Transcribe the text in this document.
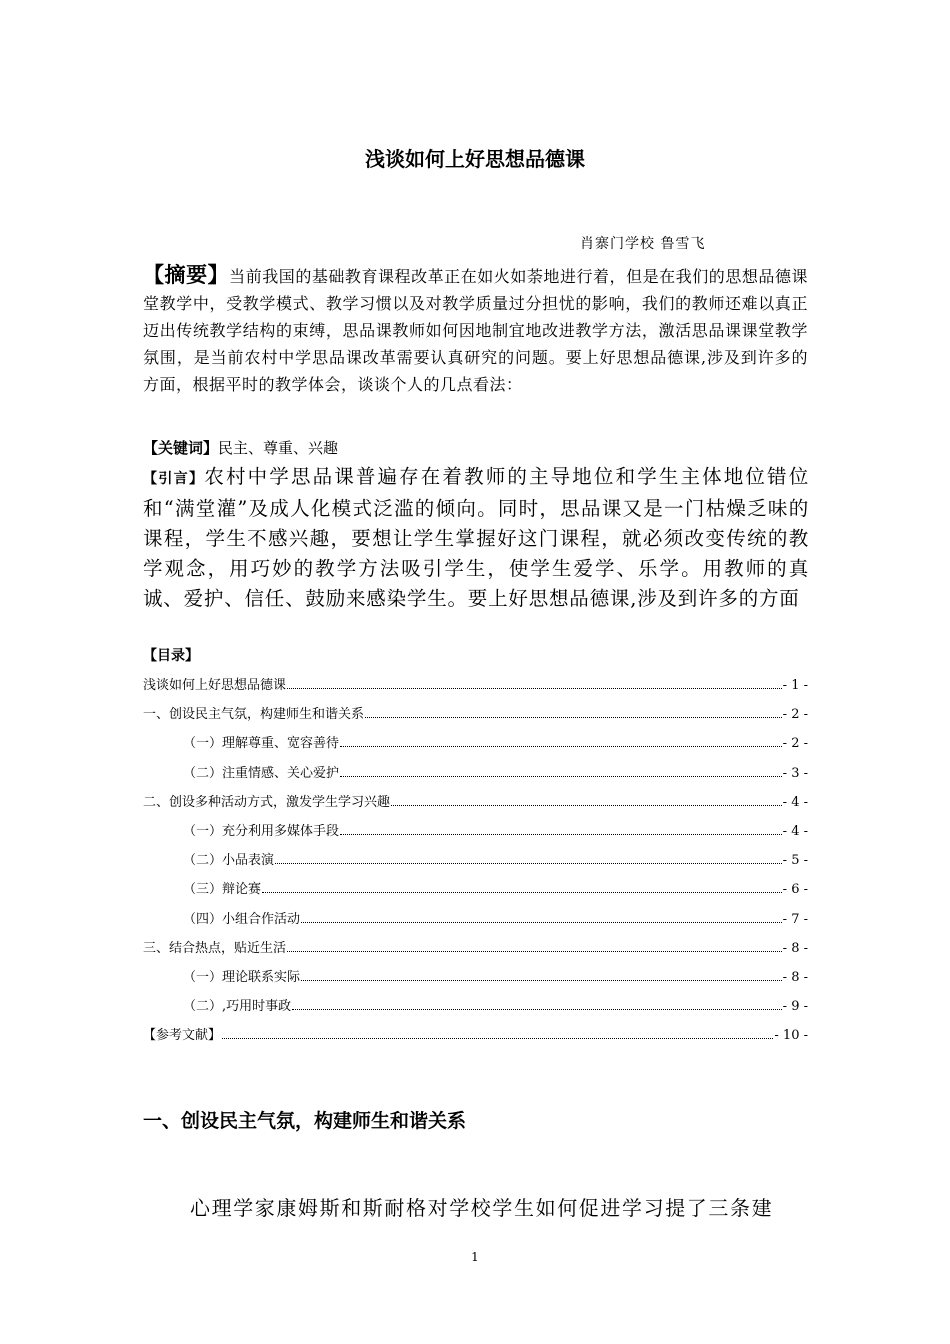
浅谈如何上好思想品德课
肖寨门学校 鲁雪飞
【摘要】当前我国的基础教育课程改革正在如火如荼地进行着，但是在我们的思想品德课堂教学中，受教学模式、教学习惯以及对教学质量过分担忧的影响，我们的教师还难以真正迈出传统教学结构的束缚，思品课教师如何因地制宜地改进教学方法，激活思品课课堂教学氛围，是当前农村中学思品课改革需要认真研究的问题。要上好思想品德课,涉及到许多的方面，根据平时的教学体会，谈谈个人的几点看法：
【关键词】民主、尊重、兴趣
【引言】农村中学思品课普遍存在着教师的主导地位和学生主体地位错位和“满堂灌”及成人化模式泛滥的倾向。同时，思品课又是一门枯燥乏味的课程，学生不感兴趣，要想让学生掌握好这门课程，就必须改变传统的教学观念，用巧妙的教学方法吸引学生，使学生爱学、乐学。用教师的真诚、爱护、信任、鼓励来感染学生。要上好思想品德课,涉及到许多的方面
【目录】
浅谈如何上好思想品德课	- 1 -
一、创设民主气氛，构建师生和谐关系	- 2 -
（一）理解尊重、宽容善待	- 2 -
（二）注重情感、关心爱护	- 3 -
二、创设多种活动方式，激发学生学习兴趣	- 4 -
（一）充分利用多媒体手段	- 4 -
（二）小品表演	- 5 -
（三）辩论赛	- 6 -
（四）小组合作活动	- 7 -
三、结合热点，贴近生活	- 8 -
（一）理论联系实际	- 8 -
（二）,巧用时事政	- 9 -
【参考文献】	- 10 -
一、创设民主气氛，构建师生和谐关系
心理学家康姆斯和斯耐格对学校学生如何促进学习提了三条建
1
